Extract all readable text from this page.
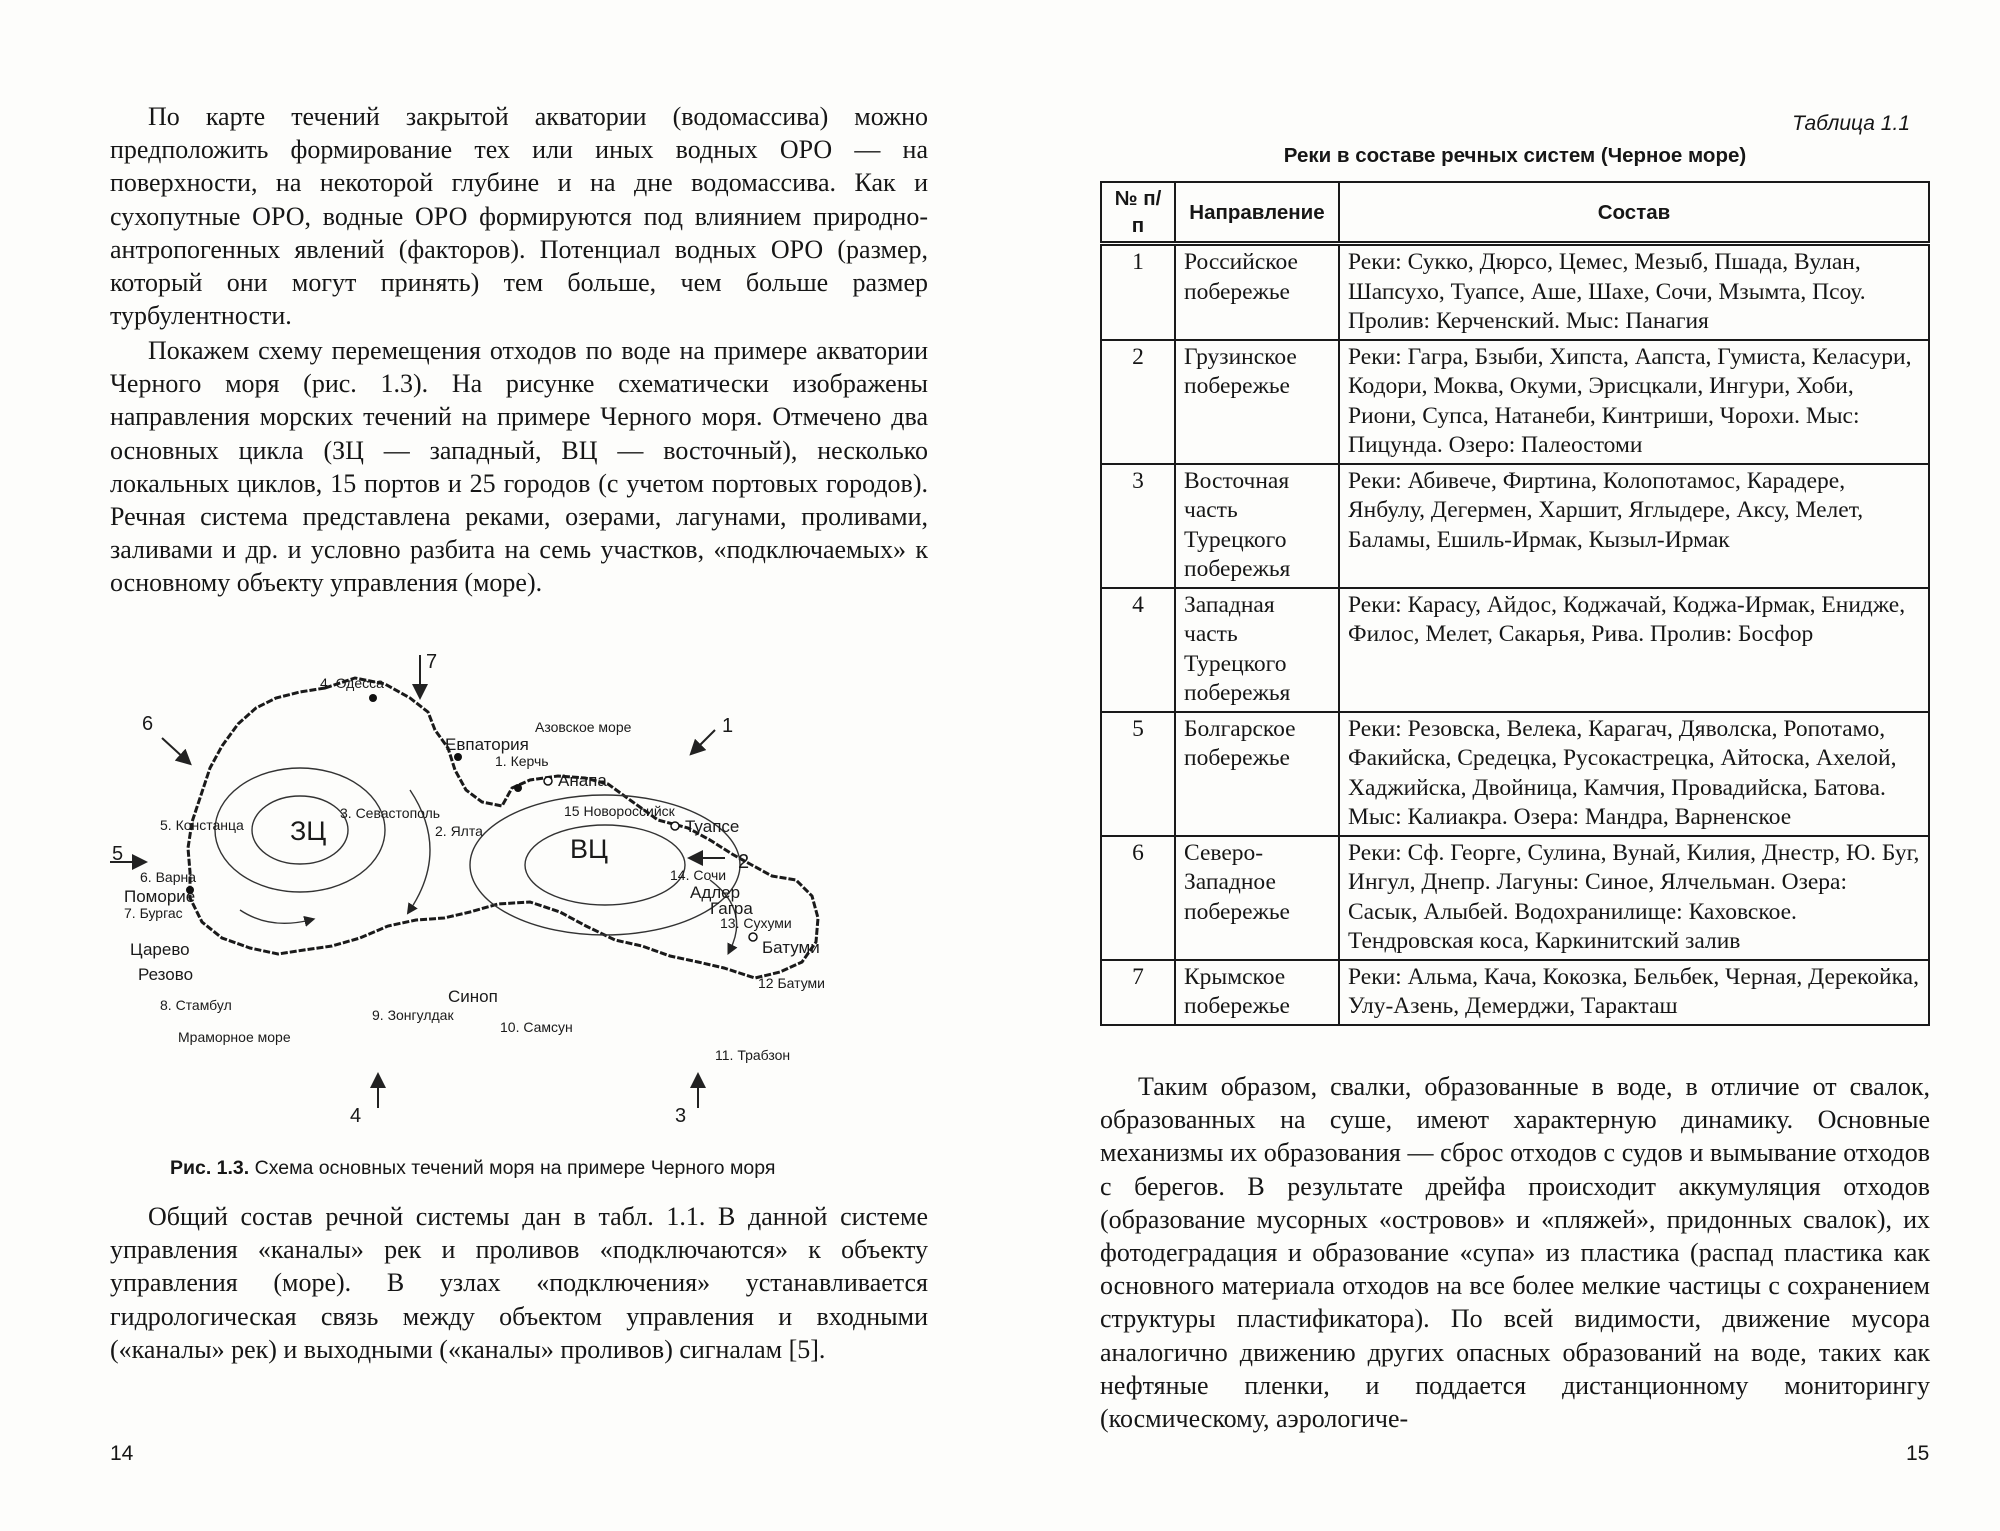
По карте течений закрытой акватории (водомассива) можно предположить формирование тех или иных водных ОРО — на поверхности, на некоторой глубине и на дне водомассива. Как и сухопутные ОРО, водные ОРО формируются под влиянием природно-антропогенных явлений (факторов). Потенциал водных ОРО (размер, который они могут принять) тем больше, чем больше размер турбулентности.

Покажем схему перемещения отходов по воде на примере акватории Черного моря (рис. 1.3). На рисунке схематически изображены направления морских течений на примере Черного моря. Отмечено два основных цикла (ЗЦ — западный, ВЦ — восточный), несколько локальных циклов, 15 портов и 25 городов (с учетом портовых городов). Речная система представлена реками, озерами, лагунами, проливами, заливами и др. и условно разбита на семь участков, «подключаемых» к основному объекту управления (море).

ЗЦ
ВЦ
4. Одесса
Евпатория
1. Керчь
Анапа
Азовское море
15 Новороссийск
3. Севастополь
2. Ялта
5. Констанца	Туапсе
14. Сочи
Адлер
Гагра
13. Сухуми
6. Варна
Поморие
7. Бургас
Царево
Резово
Батуми
12 Батуми
Синоп
8. Стамбул
9. Зонгулдак
10. Самсун
Мраморное море
11. Трабзон
7
6	1
2
5
4	3

Рис. 1.3. Схема основных течений моря на примере Черного моря

Общий состав речной системы дан в табл. 1.1. В данной системе управления «каналы» рек и проливов «подключаются» к объекту управления (море). В узлах «подключения» устанавливается гидрологическая связь между объектом управления и входными («каналы» рек) и выходными («каналы» проливов) сигналам [5].

14
Таблица 1.1
Реки в составе речных систем (Черное море)
№ п/п	Направление	Состав
1	Российское побережье	Реки: Сукко, Дюрсо, Цемес, Мезыб, Пшада, Вулан, Шапсухо, Туапсе, Аше, Шахе, Сочи, Мзымта, Псоу. Пролив: Керченский. Мыс: Панагия
2	Грузинское побережье	Реки: Гагра, Бзыби, Хипста, Аапста, Гумиста, Келасури, Кодори, Моква, Окуми, Эрисцкали, Ингури, Хоби, Риони, Супса, Натанеби, Кинтриши, Чорохи. Мыс: Пицунда. Озеро: Палеостоми
3	Восточная часть Турецкого побережья	Реки: Абивече, Фиртина, Колопотамос, Карадере, Янбулу, Дегермен, Харшит, Яглыдере, Аксу, Мелет, Баламы, Ешиль-Ирмак, Кызыл-Ирмак
4	Западная часть Турецкого побережья	Реки: Карасу, Айдос, Коджачай, Коджа-Ирмак, Енидже, Филос, Мелет, Сакарья, Рива. Пролив: Босфор
5	Болгарское побережье	Реки: Резовска, Велека, Карагач, Дяволска, Ропотамо, Факийска, Средецка, Русокастрецка, Айтоска, Ахелой, Хаджийска, Двойница, Камчия, Провадийска, Батова. Мыс: Калиакра. Озера: Мандра, Варненское
6	Северо-Западное побережье	Реки: Сф. Георге, Сулина, Вунай, Килия, Днестр, Ю. Буг, Ингул, Днепр. Лагуны: Синое, Ялчельман. Озера: Сасык, Алыбей. Водохранилище: Каховское. Тендровская коса, Каркинитский залив
7	Крымское побережье	Реки: Альма, Кача, Кокозка, Бельбек, Черная, Дерекойка, Улу-Азень, Демерджи, Таракташ

Таким образом, свалки, образованные в воде, в отличие от свалок, образованных на суше, имеют характерную динамику. Основные механизмы их образования — сброс отходов с судов и вымывание отходов с берегов. В результате дрейфа происходит аккумуляция отходов (образование мусорных «островов» и «пляжей», придонных свалок), их фотодеградация и образование «супа» из пластика (распад пластика как основного материала отходов на все более мелкие частицы с сохранением структуры пластификатора). По всей видимости, движение мусора аналогично движению других опасных образований на воде, таких как нефтяные пленки, и поддается дистанционному мониторингу (космическому, аэрологиче-

15
